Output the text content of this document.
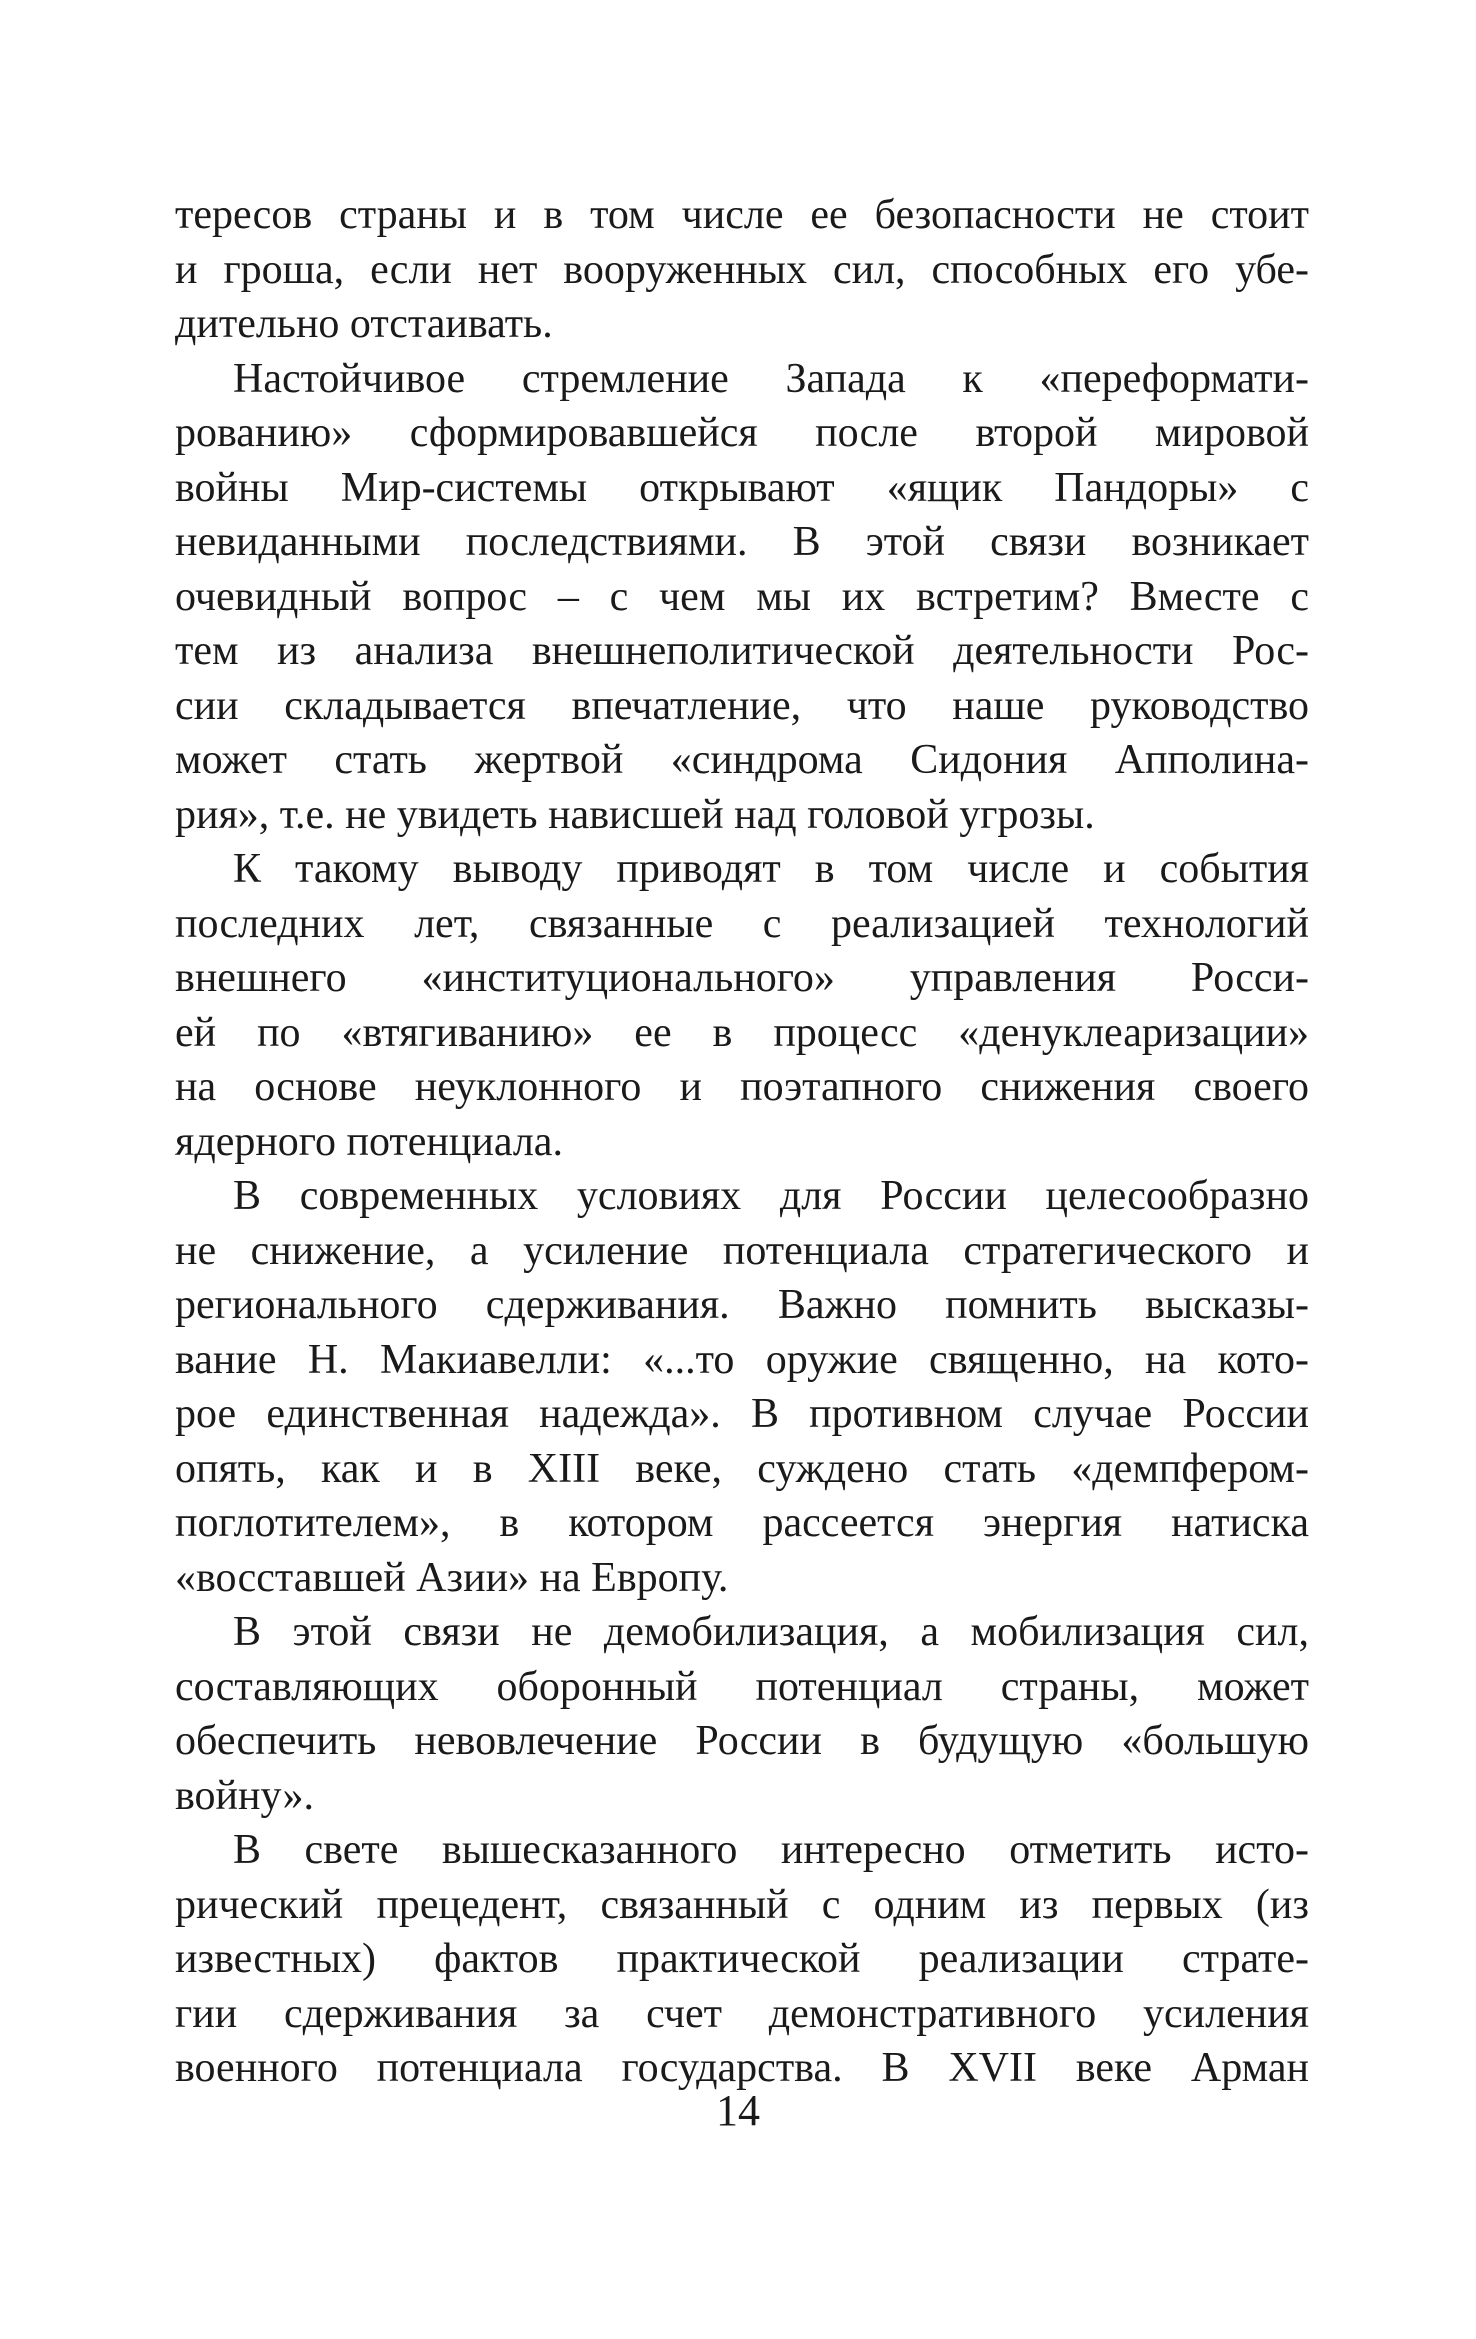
тересов страны и в том числе ее безопасности не стоит
и гроша, если нет вооруженных сил, способных его убе-
дительно отстаивать.
Настойчивое стремление Запада к «переформати-
рованию» сформировавшейся после второй мировой
войны Мир-системы открывают «ящик Пандоры» с
невиданными последствиями. В этой связи возникает
очевидный вопрос – с чем мы их встретим? Вместе с
тем из анализа внешнеполитической деятельности Рос-
сии складывается впечатление, что наше руководство
может стать жертвой «синдрома Сидония Апполина-
рия», т.е. не увидеть нависшей над головой угрозы.
К такому выводу приводят в том числе и события
последних лет, связанные с реализацией технологий
внешнего «институционального» управления Росси-
ей по «втягиванию» ее в процесс «денуклеаризации»
на основе неуклонного и поэтапного снижения своего
ядерного потенциала.
В современных условиях для России целесообразно
не снижение, а усиление потенциала стратегического и
регионального сдерживания. Важно помнить высказы-
вание Н. Макиавелли: «...то оружие священно, на кото-
рое единственная надежда». В противном случае России
опять, как и в XIII веке, суждено стать «демпфером-
поглотителем», в котором рассеется энергия натиска
«восставшей Азии» на Европу.
В этой связи не демобилизация, а мобилизация сил,
составляющих оборонный потенциал страны, может
обеспечить невовлечение России в будущую «большую
войну».
В свете вышесказанного интересно отметить исто-
рический прецедент, связанный с одним из первых (из
известных) фактов практической реализации страте-
гии сдерживания за счет демонстративного усиления
военного потенциала государства. В XVII веке Арман
14
